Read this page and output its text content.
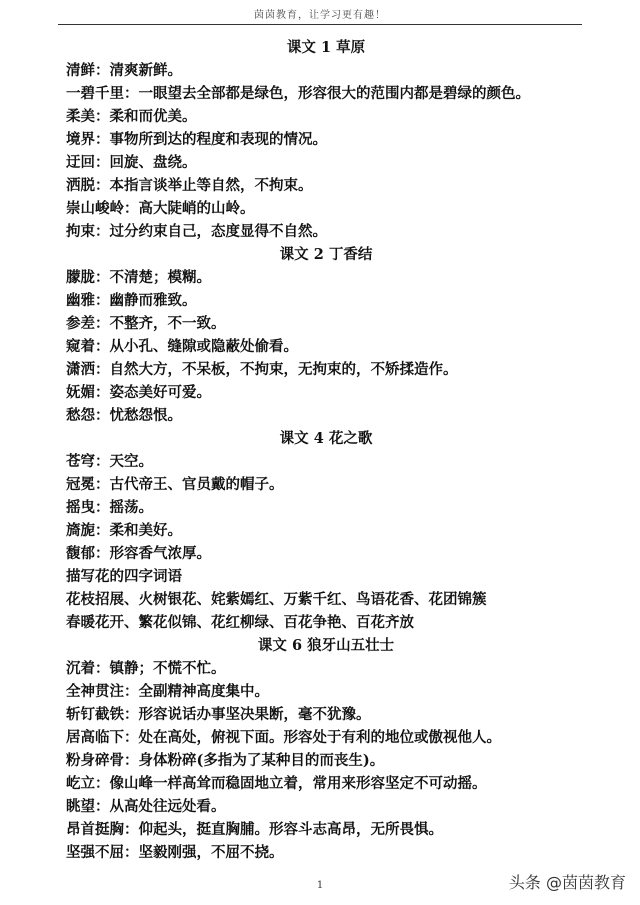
茵茵教育，让学习更有趣！
课文 1 草原
清鲜：清爽新鲜。
一碧千里：一眼望去全部都是绿色，形容很大的范围内都是碧绿的颜色。
柔美：柔和而优美。
境界：事物所到达的程度和表现的情况。
迂回：回旋、盘绕。
洒脱：本指言谈举止等自然，不拘束。
崇山峻岭：高大陡峭的山岭。
拘束：过分约束自己，态度显得不自然。
课文 2 丁香结
朦胧：不清楚；模糊。
幽雅：幽静而雅致。
参差：不整齐，不一致。
窥着：从小孔、缝隙或隐蔽处偷看。
潇洒：自然大方，不呆板，不拘束，无拘束的，不矫揉造作。
妩媚：姿态美好可爱。
愁怨：忧愁怨恨。
课文 4 花之歌
苍穹：天空。
冠冕：古代帝王、官员戴的帽子。
摇曳：摇荡。
旖旎：柔和美好。
馥郁：形容香气浓厚。
描写花的四字词语
花枝招展、火树银花、姹紫嫣红、万紫千红、鸟语花香、花团锦簇
春暖花开、繁花似锦、花红柳绿、百花争艳、百花齐放
课文 6 狼牙山五壮士
沉着：镇静；不慌不忙。
全神贯注：全副精神高度集中。
斩钉截铁：形容说话办事坚决果断，毫不犹豫。
居高临下：处在高处，俯视下面。形容处于有利的地位或傲视他人。
粉身碎骨：身体粉碎(多指为了某种目的而丧生)。
屹立：像山峰一样高耸而稳固地立着，常用来形容坚定不可动摇。
眺望：从高处往远处看。
昂首挺胸：仰起头，挺直胸脯。形容斗志高昂，无所畏惧。
坚强不屈：坚毅刚强，不屈不挠。
1	头条 @茵茵教育
